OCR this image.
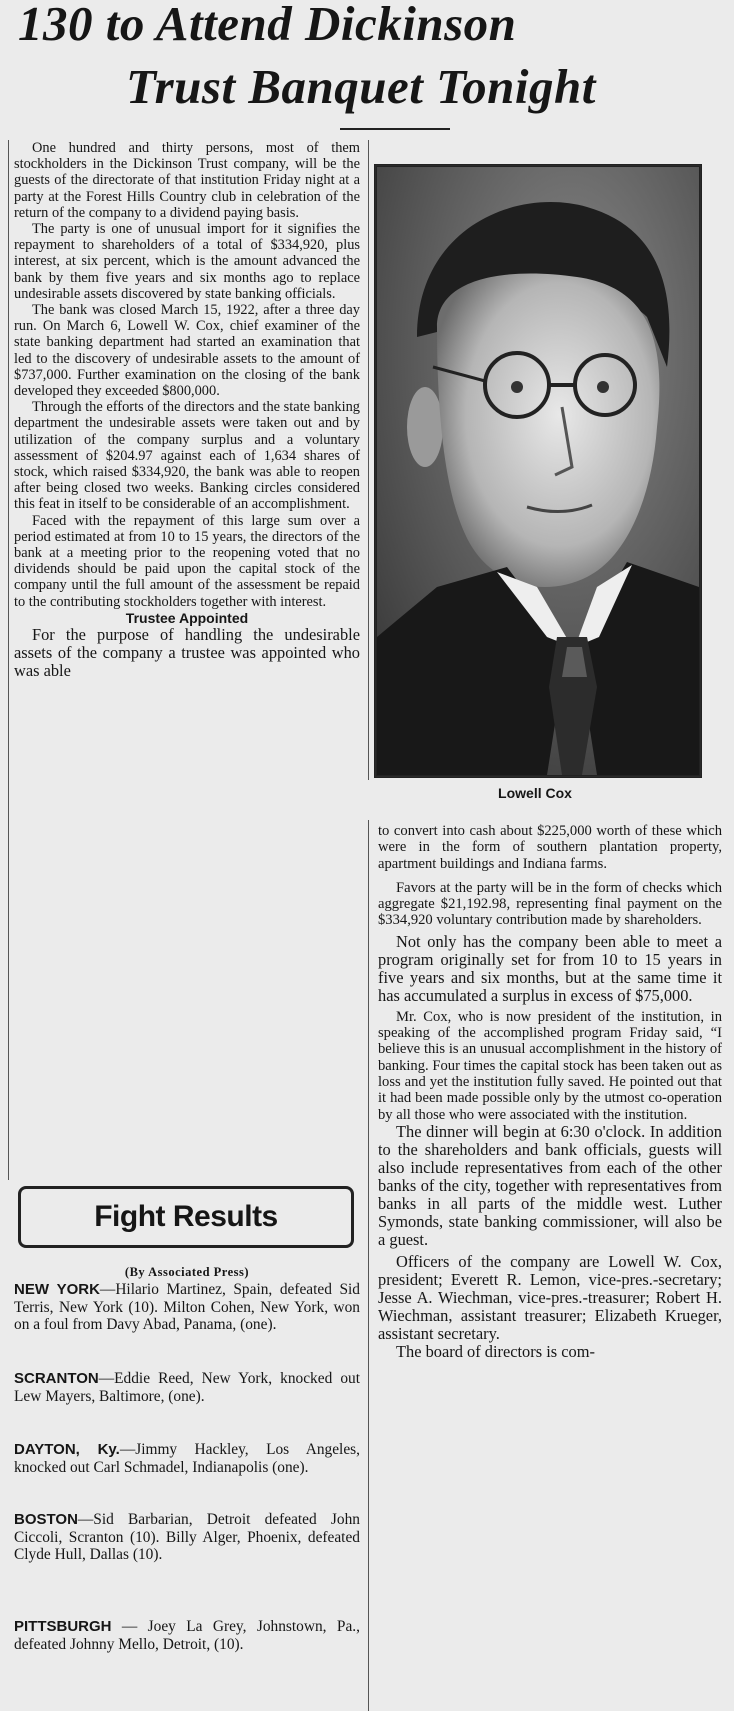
130 to Attend Dickinson
Trust Banquet Tonight

One hundred and thirty persons, most of them stockholders in the Dickinson Trust company, will be the guests of the directorate of that institution Friday night at a party at the Forest Hills Country club in celebration of the return of the company to a dividend paying basis.

The party is one of unusual import for it signifies the repayment to shareholders of a total of $334,920, plus interest, at six percent, which is the amount advanced the bank by them five years and six months ago to replace undesirable assets discovered by state banking officials.

The bank was closed March 15, 1922, after a three day run. On March 6, Lowell W. Cox, chief examiner of the state banking department had started an examination that led to the discovery of undesirable assets to the amount of $737,000. Further examination on the closing of the bank developed they exceeded $800,000.

Through the efforts of the directors and the state banking department the undesirable assets were taken out and by utilization of the company surplus and a voluntary assessment of $204.97 against each of 1,634 shares of stock, which raised $334,920, the bank was able to reopen after being closed two weeks. Banking circles considered this feat in itself to be considerable of an accomplishment.

Faced with the repayment of this large sum over a period estimated at from 10 to 15 years, the directors of the bank at a meeting prior to the reopening voted that no dividends should be paid upon the capital stock of the company until the full amount of the assessment be repaid to the contributing stockholders together with interest.

Trustee Appointed

For the purpose of handling the undesirable assets of the company a trustee was appointed who was able

Lowell Cox

to convert into cash about $225,000 worth of these which were in the form of southern plantation property, apartment buildings and Indiana farms.

Favors at the party will be in the form of checks which aggregate $21,192.98, representing final payment on the $334,920 voluntary contribution made by shareholders.

Not only has the company been able to meet a program originally set for from 10 to 15 years in five years and six months, but at the same time it has accumulated a surplus in excess of $75,000.

Mr. Cox, who is now president of the institution, in speaking of the accomplished program Friday said, “I believe this is an unusual accomplishment in the history of banking. Four times the capital stock has been taken out as loss and yet the institution fully saved. He pointed out that it had been made possible only by the utmost co-operation by all those who were associated with the institution.

The dinner will begin at 6:30 o'clock. In addition to the shareholders and bank officials, guests will also include representatives from each of the other banks of the city, together with representatives from banks in all parts of the middle west. Luther Symonds, state banking commissioner, will also be a guest.

Officers of the company are Lowell W. Cox, president; Everett R. Lemon, vice-pres.-secretary; Jesse A. Wiechman, vice-pres.-treasurer; Robert H. Wiechman, assistant treasurer; Elizabeth Krueger, assistant secretary.

The board of directors is com-

Fight Results
(By Associated Press)
NEW YORK—Hilario Martinez, Spain, defeated Sid Terris, New York (10). Milton Cohen, New York, won on a foul from Davy Abad, Panama, (one).
SCRANTON—Eddie Reed, New York, knocked out Lew Mayers, Baltimore, (one).
DAYTON, Ky.—Jimmy Hackley, Los Angeles, knocked out Carl Schmadel, Indianapolis (one).
BOSTON—Sid Barbarian, Detroit defeated John Ciccoli, Scranton (10). Billy Alger, Phoenix, defeated Clyde Hull, Dallas (10).
PITTSBURGH — Joey La Grey, Johnstown, Pa., defeated Johnny Mello, Detroit, (10).
